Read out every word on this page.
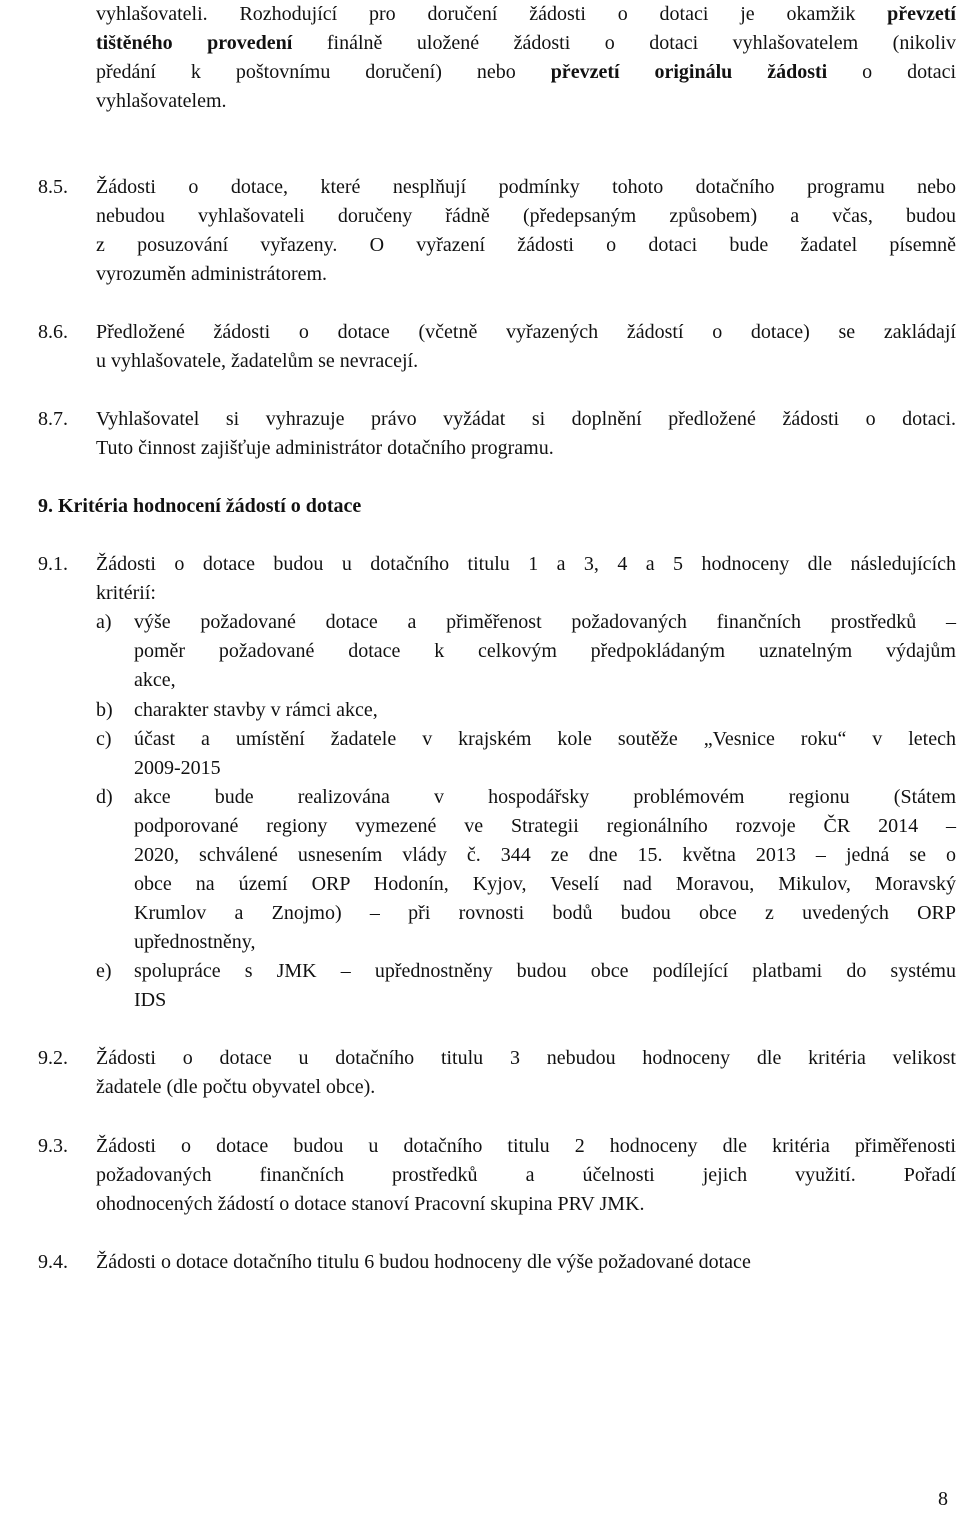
vyhlašovateli. Rozhodující pro doručení žádosti o dotaci je okamžik převzetí
tištěného provedení finálně uložené žádosti o dotaci vyhlašovatelem (nikoliv
předání k poštovnímu doručení) nebo převzetí originálu žádosti o dotaci
vyhlašovatelem.
8.5. Žádosti o dotace, které nesplňují podmínky tohoto dotačního programu nebo
nebudou vyhlašovateli doručeny řádně (předepsaným způsobem) a včas, budou
z posuzování vyřazeny. O vyřazení žádosti o dotaci bude žadatel písemně
vyrozuměn administrátorem.
8.6. Předložené žádosti o dotace (včetně vyřazených žádostí o dotace) se zakládají
u vyhlašovatele, žadatelům se nevracejí.
8.7. Vyhlašovatel si vyhrazuje právo vyžádat si doplnění předložené žádosti o dotaci.
Tuto činnost zajišťuje administrátor dotačního programu.
9. Kritéria hodnocení žádostí o dotace
9.1. Žádosti o dotace budou u dotačního titulu 1 a 3, 4 a 5 hodnoceny dle následujících
kritérií:
a) výše požadované dotace a přiměřenost požadovaných finančních prostředků –
poměr požadované dotace k celkovým předpokládaným uznatelným výdajům
akce,
b) charakter stavby v rámci akce,
c) účast a umístění žadatele v krajském kole soutěže „Vesnice roku“ v letech
2009-2015
d) akce bude realizována v hospodářsky problémovém regionu (Státem
podporované regiony vymezené ve Strategii regionálního rozvoje ČR 2014 –
2020, schválené usnesením vlády č. 344 ze dne 15. května 2013 – jedná se o
obce na území ORP Hodonín, Kyjov, Veselí nad Moravou, Mikulov, Moravský
Krumlov a Znojmo) – při rovnosti bodů budou obce z uvedených ORP
upřednostněny,
e) spolupráce s JMK – upřednostněny budou obce podílející platbami do systému
IDS
9.2. Žádosti o dotace u dotačního titulu 3 nebudou hodnoceny dle kritéria velikost
žadatele (dle počtu obyvatel obce).
9.3. Žádosti o dotace budou u dotačního titulu 2 hodnoceny dle kritéria přiměřenosti
požadovaných finančních prostředků a účelnosti jejich využití. Pořadí
ohodnocených žádostí o dotace stanoví Pracovní skupina PRV JMK.
9.4. Žádosti o dotace dotačního titulu 6 budou hodnoceny dle výše požadované dotace
8
